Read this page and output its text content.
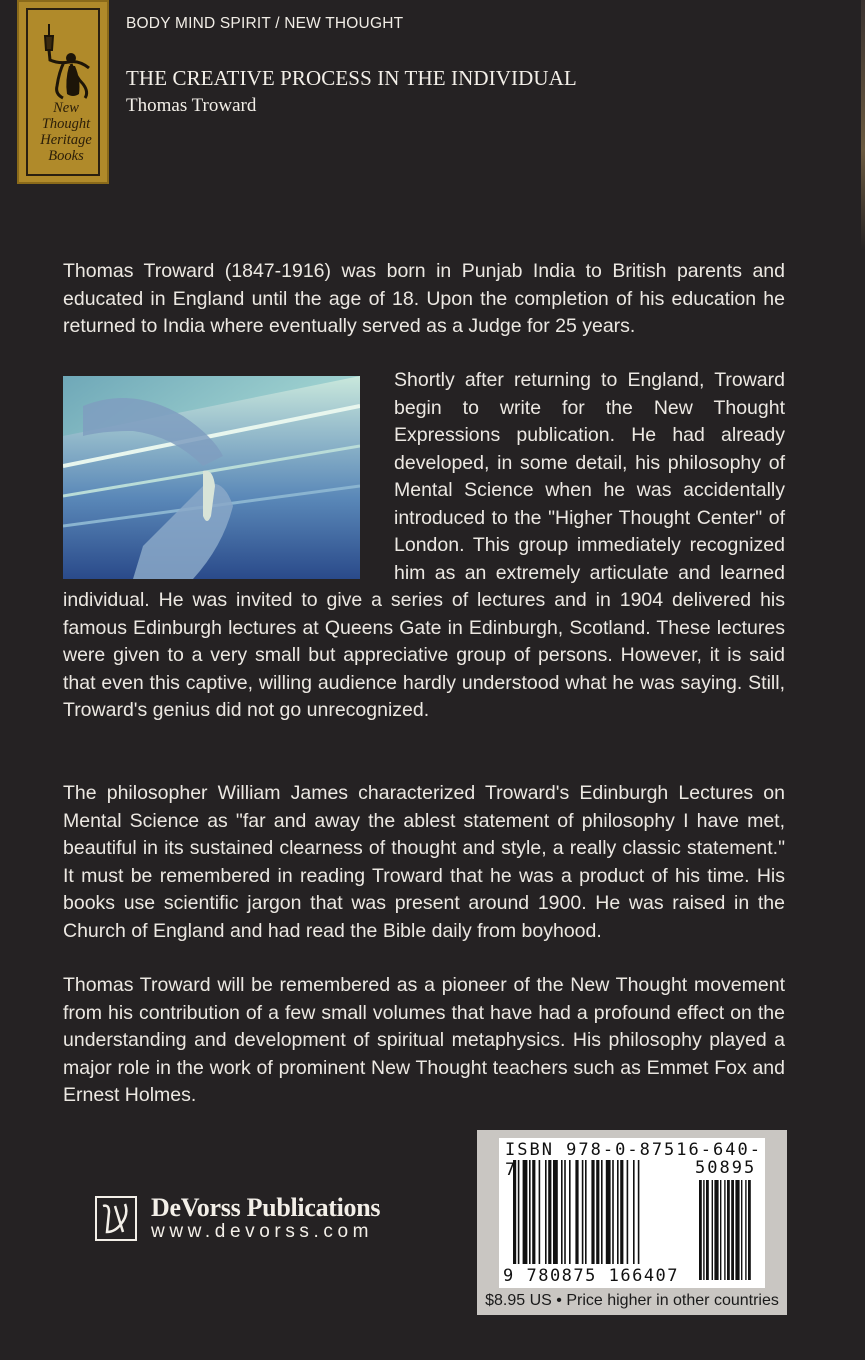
New
Thought
Heritage
Books
BODY MIND SPIRIT / NEW THOUGHT
THE CREATIVE PROCESS IN THE INDIVIDUAL
Thomas Troward

Thomas Troward (1847-1916) was born in Punjab India to British parents and educated in England until the age of 18. Upon the completion of his education he returned to India where eventually served as a Judge for 25 years.

Shortly after returning to England, Troward begin to write for the New Thought Expressions publication. He had already developed, in some detail, his philosophy of Mental Science when he was accidentally introduced to the "Higher Thought Center" of London. This group immediately recognized him as an extremely articulate and learned individual. He was invited to give a series of lectures and in 1904 delivered his famous Edinburgh lectures at Queens Gate in Edinburgh, Scotland. These lectures were given to a very small but appreciative group of persons. However, it is said that even this captive, willing audience hardly understood what he was saying. Still, Troward's genius did not go unrecognized.

The philosopher William James characterized Troward's Edinburgh Lectures on Mental Science as "far and away the ablest statement of philosophy I have met, beautiful in its sustained clearness of thought and style, a really classic statement." It must be remembered in reading Troward that he was a product of his time. His books use scientific jargon that was present around 1900. He was raised in the Church of England and had read the Bible daily from boyhood.

Thomas Troward will be remembered as a pioneer of the New Thought movement from his contribution of a few small volumes that have had a profound effect on the understanding and development of spiritual metaphysics. His philosophy played a major role in the work of prominent New Thought teachers such as Emmet Fox and Ernest Holmes.

DeVorss Publications
www.devorss.com
ISBN 978-0-87516-640-7	50895
9 780875 166407
$8.95 US • Price higher in other countries
